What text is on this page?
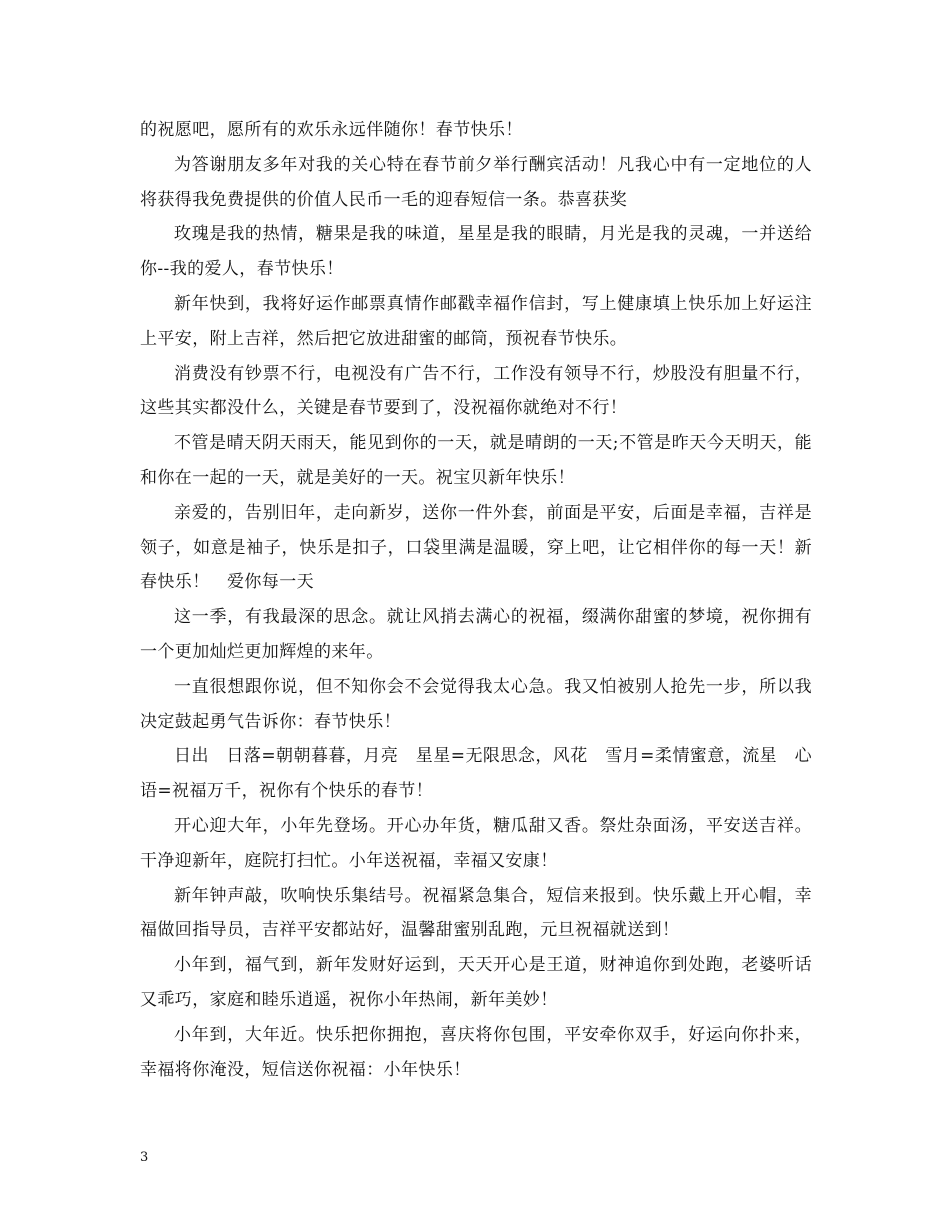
的祝愿吧，愿所有的欢乐永远伴随你！春节快乐！

为答谢朋友多年对我的关心特在春节前夕举行酬宾活动！凡我心中有一定地位的人将获得我免费提供的价值人民币一毛的迎春短信一条。恭喜获奖

玫瑰是我的热情，糖果是我的味道，星星是我的眼睛，月光是我的灵魂，一并送给你--我的爱人，春节快乐！

新年快到，我将好运作邮票真情作邮戳幸福作信封，写上健康填上快乐加上好运注上平安，附上吉祥，然后把它放进甜蜜的邮筒，预祝春节快乐。

消费没有钞票不行，电视没有广告不行，工作没有领导不行，炒股没有胆量不行，这些其实都没什么，关键是春节要到了，没祝福你就绝对不行！

不管是晴天阴天雨天，能见到你的一天，就是晴朗的一天;不管是昨天今天明天，能和你在一起的一天，就是美好的一天。祝宝贝新年快乐！

亲爱的，告别旧年，走向新岁，送你一件外套，前面是平安，后面是幸福，吉祥是领子，如意是袖子，快乐是扣子，口袋里满是温暖，穿上吧，让它相伴你的每一天！新春快乐！　爱你每一天

这一季，有我最深的思念。就让风捎去满心的祝福，缀满你甜蜜的梦境，祝你拥有一个更加灿烂更加辉煌的来年。

一直很想跟你说，但不知你会不会觉得我太心急。我又怕被别人抢先一步，所以我决定鼓起勇气告诉你：春节快乐！

日出　日落=朝朝暮暮，月亮　星星=无限思念，风花　雪月=柔情蜜意，流星　心语=祝福万千，祝你有个快乐的春节！

开心迎大年，小年先登场。开心办年货，糖瓜甜又香。祭灶杂面汤，平安送吉祥。干净迎新年，庭院打扫忙。小年送祝福，幸福又安康！

新年钟声敲，吹响快乐集结号。祝福紧急集合，短信来报到。快乐戴上开心帽，幸福做回指导员，吉祥平安都站好，温馨甜蜜别乱跑，元旦祝福就送到！

小年到，福气到，新年发财好运到，天天开心是王道，财神追你到处跑，老婆听话又乖巧，家庭和睦乐逍遥，祝你小年热闹，新年美妙！

小年到，大年近。快乐把你拥抱，喜庆将你包围，平安牵你双手，好运向你扑来，幸福将你淹没，短信送你祝福：小年快乐！

3
